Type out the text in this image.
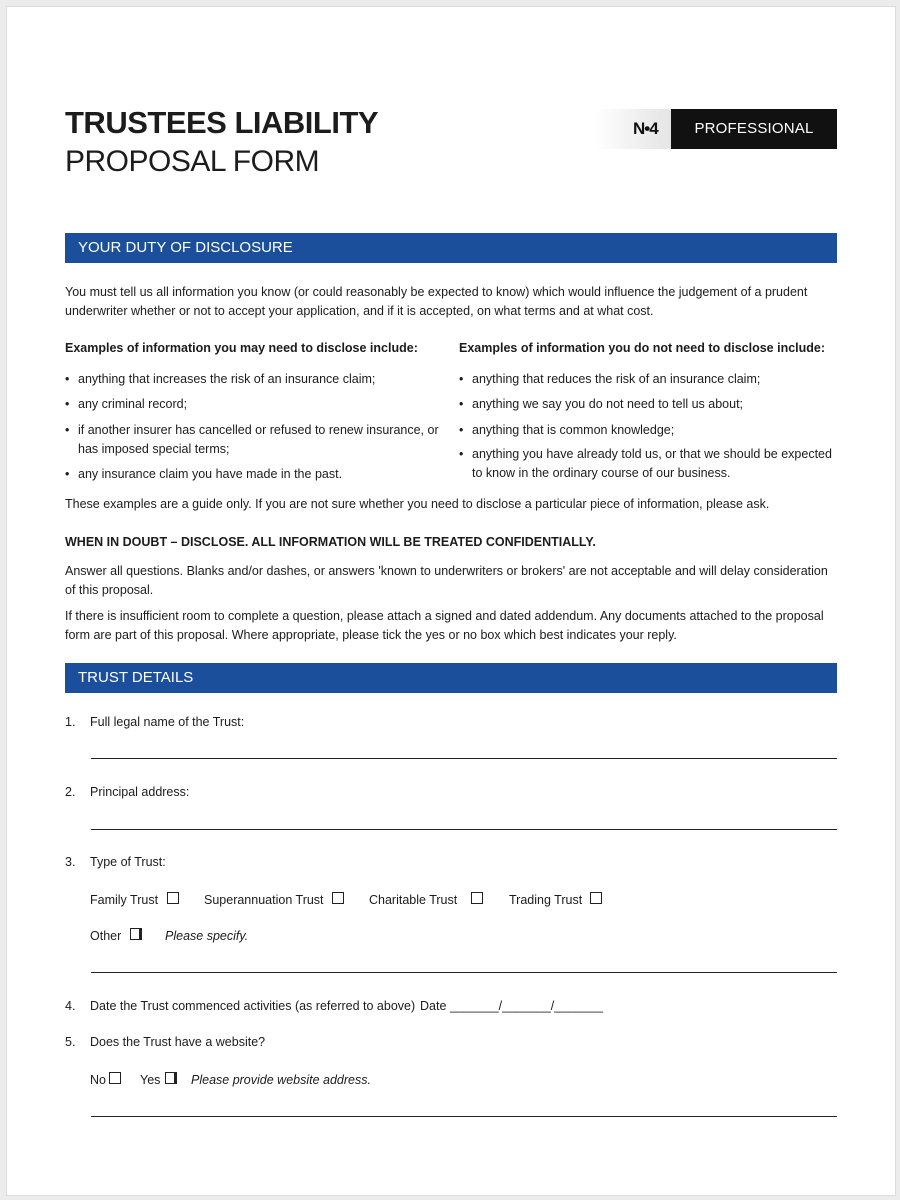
TRUSTEES LIABILITY
PROPOSAL FORM
N•4	PROFESSIONAL RISKS
YOUR DUTY OF DISCLOSURE
You must tell us all information you know (or could reasonably be expected to know) which would influence the judgement of a prudent
underwriter whether or not to accept your application, and if it is accepted, on what terms and at what cost.
Examples of information you may need to disclose include:	Examples of information you do not need to disclose include:
• anything that increases the risk of an insurance claim;
• any criminal record;
• if another insurer has cancelled or refused to renew insurance, or has imposed special terms;
• any insurance claim you have made in the past.
• anything that reduces the risk of an insurance claim;
• anything we say you do not need to tell us about;
• anything that is common knowledge;
• anything you have already told us, or that we should be expected to know in the ordinary course of our business.
These examples are a guide only. If you are not sure whether you need to disclose a particular piece of information, please ask.
WHEN IN DOUBT – DISCLOSE. ALL INFORMATION WILL BE TREATED CONFIDENTIALLY.
Answer all questions. Blanks and/or dashes, or answers 'known to underwriters or brokers' are not acceptable and will delay consideration of this proposal.
If there is insufficient room to complete a question, please attach a signed and dated addendum. Any documents attached to the proposal form are part of this proposal. Where appropriate, please tick the yes or no box which best indicates your reply.
TRUST DETAILS
1. Full legal name of the Trust:
2. Principal address:
3. Type of Trust:
Family Trust	Superannuation Trust	Charitable Trust	Trading Trust
Other	Please specify.
4. Date the Trust commenced activities (as referred to above) Date _______/_______/_______
5. Does the Trust have a website?
No	Yes Please provide website address.
